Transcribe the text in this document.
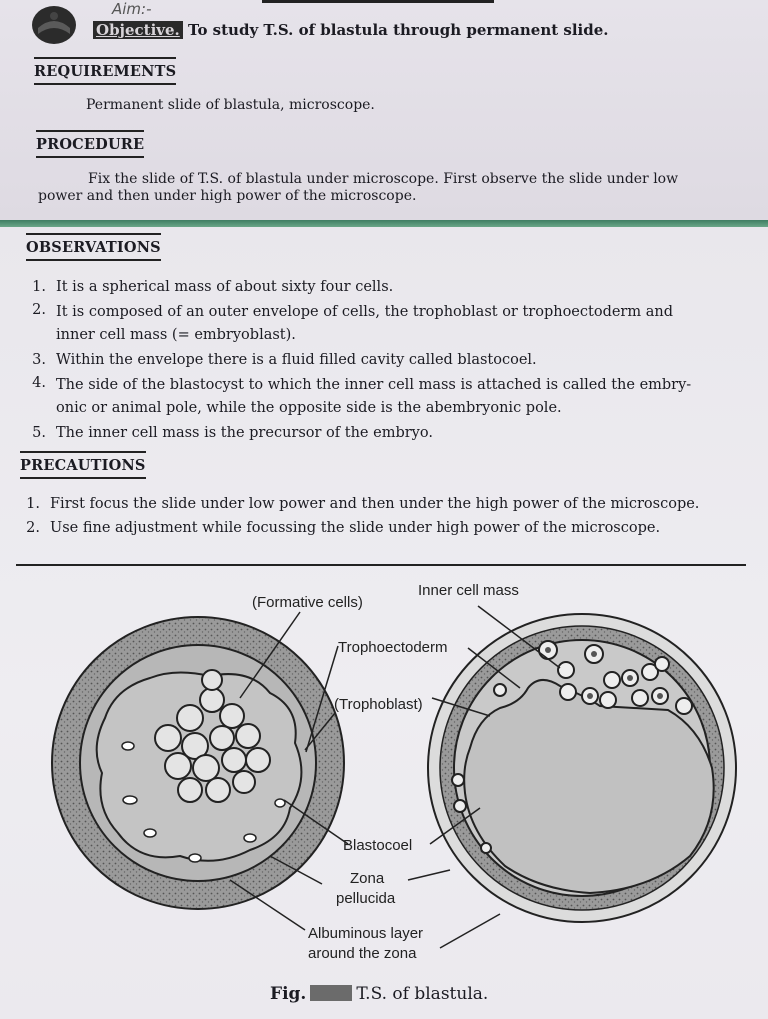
Aim:-
Objective. To study T.S. of blastula through permanent slide.
REQUIREMENTS
Permanent slide of blastula, microscope.
PROCEDURE
Fix the slide of T.S. of blastula under microscope. First observe the slide under low
power and then under high power of the microscope.
OBSERVATIONS
1. It is a spherical mass of about sixty four cells.
2. It is composed of an outer envelope of cells, the trophoblast or trophoectoderm and
inner cell mass (= embryoblast).
3. Within the envelope there is a fluid filled cavity called blastocoel.
4. The side of the blastocyst to which the inner cell mass is attached is called the embry-
onic or animal pole, while the opposite side is the abembryonic pole.
5. The inner cell mass is the precursor of the embryo.
PRECAUTIONS
1. First focus the slide under low power and then under the high power of the microscope.
2. Use fine adjustment while focussing the slide under high power of the microscope.
(Formative cells)
Inner cell mass
Trophoectoderm
(Trophoblast)
Blastocoel
Zona
pellucida
Albuminous layer
around the zona
Fig.	T.S. of blastula.
